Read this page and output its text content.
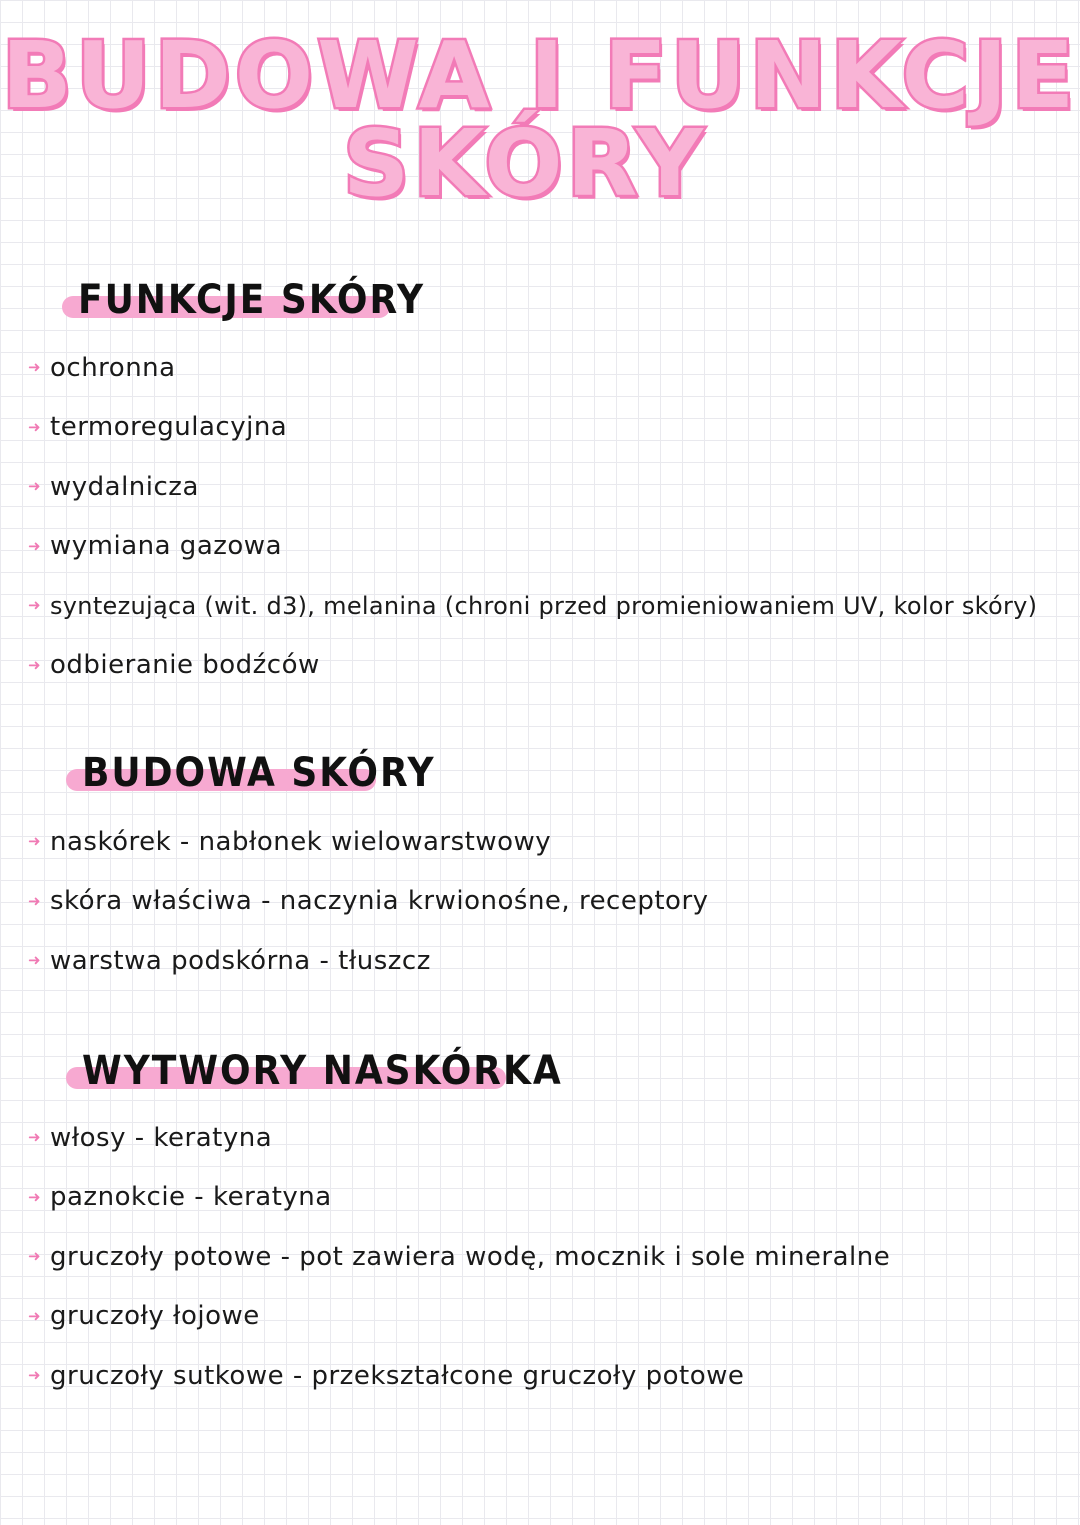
BUDOWA I FUNKCJE
SKÓRY
FUNKCJE SKÓRY
➜ ochronna
➜ termoregulacyjna
➜ wydalnicza
➜ wymiana gazowa
➜ syntezująca (wit. d3), melanina (chroni przed promieniowaniem UV, kolor skóry)
➜ odbieranie bodźców
BUDOWA SKÓRY
➜ naskórek - nabłonek wielowarstwowy
➜ skóra właściwa - naczynia krwionośne, receptory
➜ warstwa podskórna - tłuszcz
WYTWORY NASKÓRKA
➜ włosy - keratyna
➜ paznokcie - keratyna
➜ gruczoły potowe - pot zawiera wodę, mocznik i sole mineralne
➜ gruczoły łojowe
➜ gruczoły sutkowe - przekształcone gruczoły potowe
